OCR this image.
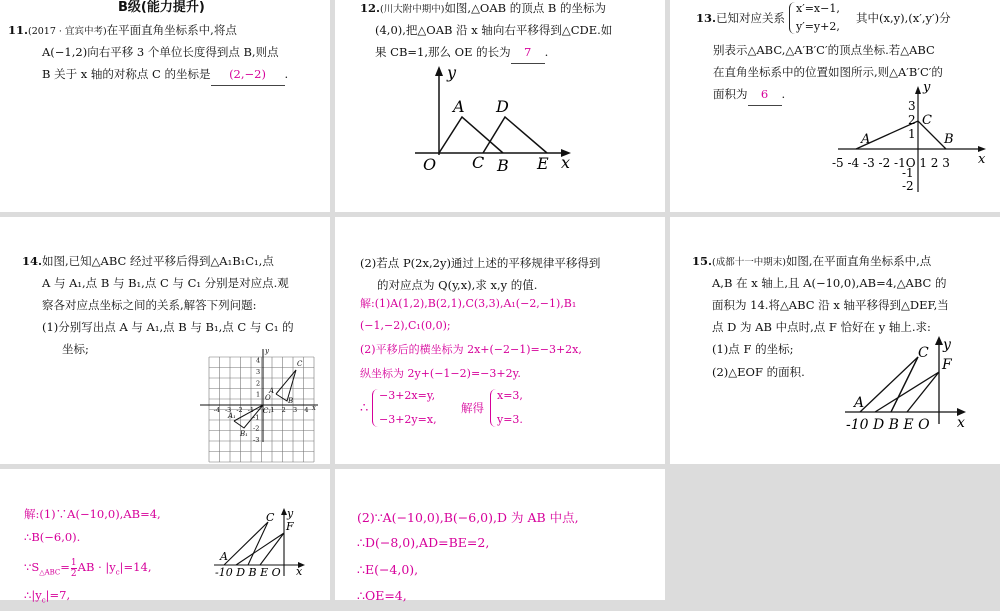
B级(能力提升)
11.(2017 · 宜宾中考)在平面直角坐标系中,将点
A(−1,2)向右平移 3 个单位长度得到点 B,则点
B 关于 x 轴的对称点 C 的坐标是 (2,−2) .
12.(川大附中期中)如图,△OAB 的顶点 B 的坐标为
(4,0),把△OAB 沿 x 轴向右平移得到△CDE.如
果 CB=1,那么 OE 的长为 7 .
y
A D
O C B E x
13.已知对应关系
x′=x−1,
y′=y+2,
其中(x,y),(x′,y′)分
别表示△ABC,△A′B′C′的顶点坐标.若△ABC
在直角坐标系中的位置如图所示,则△A′B′C′的
面积为 6 .	y
x
A
C
B
3
2
1
-1
-2
-5 -4 -3 -2 -1O 1 2 3
14.如图,已知△ABC 经过平移后得到△A₁B₁C₁,点
A 与 A₁,点 B 与 B₁,点 C 与 C₁ 分别是对应点.观
察各对应点坐标之间的关系,解答下列问题:
(1)分别写出点 A 与 A₁,点 B 与 B₁,点 C 与 C₁ 的
坐标;
C
A
B
A₁
B₁
C₁
O
y
x
-4 -3 -2 -1	1 2 3 4
4
3
2
1
-1
-2
-3
(2)若点 P(2x,2y)通过上述的平移规律平移得到
的对应点为 Q(y,x),求 x,y 的值.
解:(1)A(1,2),B(2,1),C(3,3),A₁(−2,−1),B₁
(−1,−2),C₁(0,0);
(2)平移后的横坐标为 2x+(−2−1)=−3+2x,
纵坐标为 2y+(−1−2)=−3+2y.
∴
−3+2x=y,
−3+2y=x,
解得
x=3,
y=3.
15.(成都十一中期末)如图,在平面直角坐标系中,点
A,B 在 x 轴上,且 A(−10,0),AB=4,△ABC 的
面积为 14.将△ABC 沿 x 轴平移得到△DEF,当
点 D 为 AB 中点时,点 F 恰好在 y 轴上.求:
(1)点 F 的坐标;
(2)△EOF 的面积.
C y
F
A
-10 D B E O x
解:(1)∵A(−10,0),AB=4,
∴B(−6,0).
$\because S_{\triangle ABC}= \frac{1}{2}$ AB · $|y_c|=14$,
$\therefore|y_c|=7$,
C y
F
A
-10 D B E O x
(2)∵A(−10,0),B(−6,0),D 为 AB 中点,
∴D(−8,0),AD=BE=2,
∴E(−4,0),
∴OE=4,
